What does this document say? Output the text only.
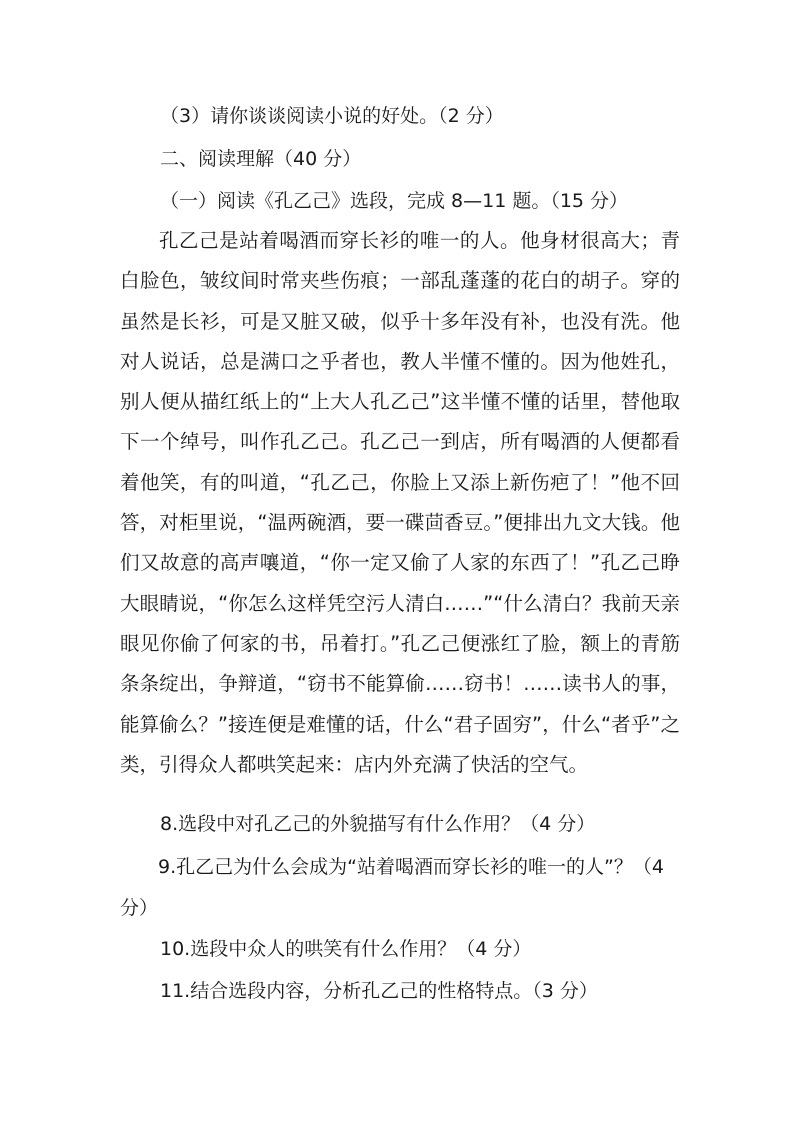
（3）请你谈谈阅读小说的好处。（2 分）
二、阅读理解（40 分）
（一）阅读《孔乙己》选段，完成 8—11 题。（15 分）

孔乙己是站着喝酒而穿长衫的唯一的人。他身材很高大；青白脸色，皱纹间时常夹些伤痕；一部乱蓬蓬的花白的胡子。穿的虽然是长衫，可是又脏又破，似乎十多年没有补，也没有洗。他对人说话，总是满口之乎者也，教人半懂不懂的。因为他姓孔，别人便从描红纸上的“上大人孔乙己”这半懂不懂的话里，替他取下一个绰号，叫作孔乙己。孔乙己一到店，所有喝酒的人便都看着他笑，有的叫道，“孔乙己，你脸上又添上新伤疤了！”他不回答，对柜里说，“温两碗酒，要一碟茴香豆。”便排出九文大钱。他们又故意的高声嚷道，“你一定又偷了人家的东西了！”孔乙己睁大眼睛说，“你怎么这样凭空污人清白……”“什么清白？我前天亲眼见你偷了何家的书，吊着打。”孔乙己便涨红了脸，额上的青筋条条绽出，争辩道，“窃书不能算偷……窃书！……读书人的事，能算偷么？”接连便是难懂的话，什么“君子固穷”，什么“者乎”之类，引得众人都哄笑起来：店内外充满了快活的空气。

8.选段中对孔乙己的外貌描写有什么作用？（4 分）

9.孔乙己为什么会成为“站着喝酒而穿长衫的唯一的人”？（4 分）

10.选段中众人的哄笑有什么作用？（4 分）
11.结合选段内容，分析孔乙己的性格特点。（3 分）
